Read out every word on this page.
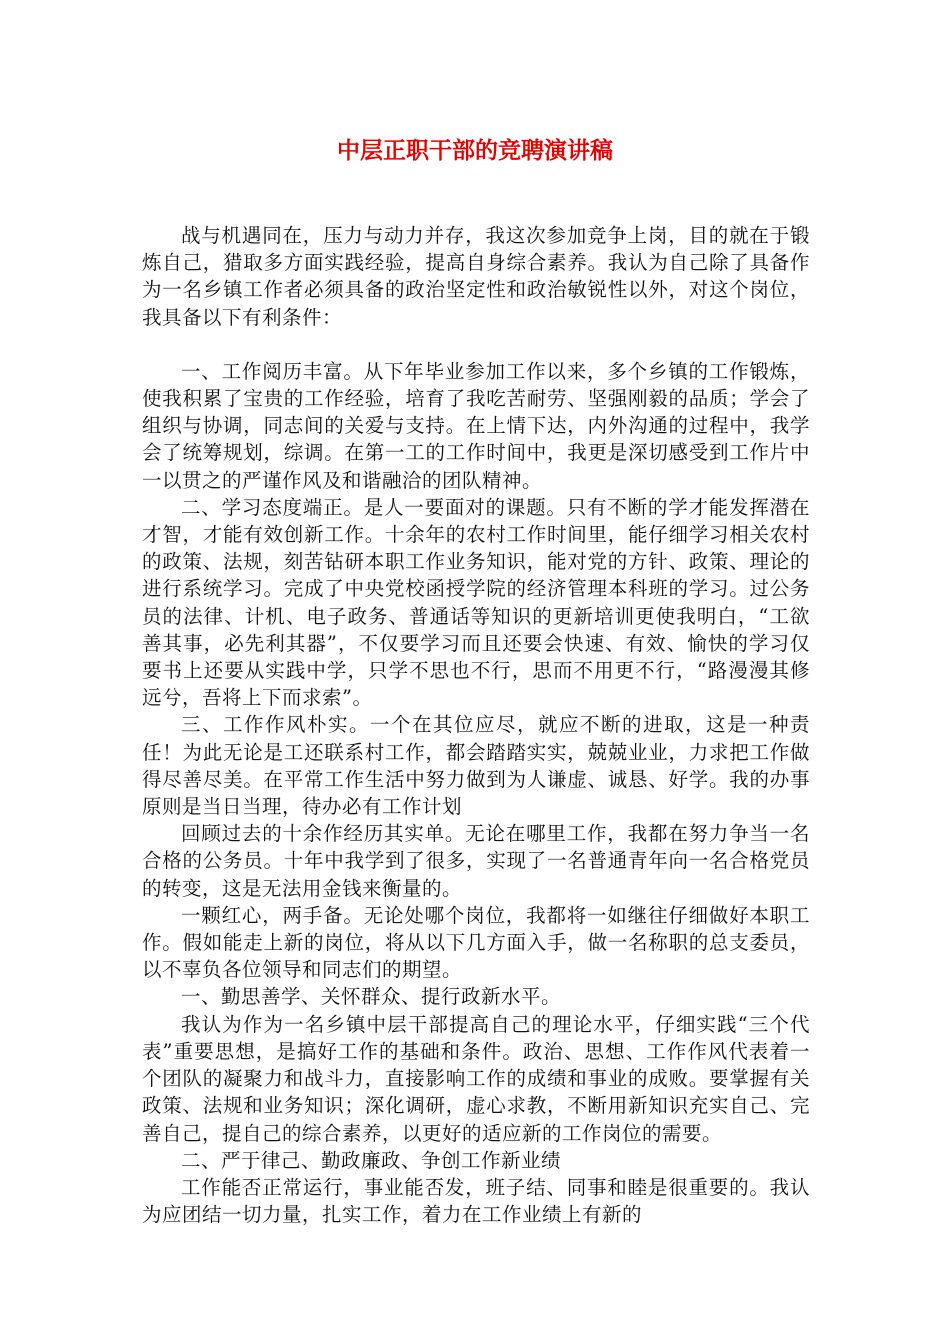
中层正职干部的竞聘演讲稿

战与机遇同在，压力与动力并存，我这次参加竞争上岗，目的就在于锻炼自己，猎取多方面实践经验，提高自身综合素养。我认为自己除了具备作为一名乡镇工作者必须具备的政治坚定性和政治敏锐性以外，对这个岗位，我具备以下有利条件：

一、工作阅历丰富。从下年毕业参加工作以来，多个乡镇的工作锻炼，使我积累了宝贵的工作经验，培育了我吃苦耐劳、坚强刚毅的品质；学会了组织与协调，同志间的关爱与支持。在上情下达，内外沟通的过程中，我学会了统筹规划，综调。在第一工的工作时间中，我更是深切感受到工作片中一以贯之的严谨作风及和谐融洽的团队精神。

二、学习态度端正。是人一要面对的课题。只有不断的学才能发挥潜在才智，才能有效创新工作。十余年的农村工作时间里，能仔细学习相关农村的政策、法规，刻苦钻研本职工作业务知识，能对党的方针、政策、理论的进行系统学习。完成了中央党校函授学院的经济管理本科班的学习。过公务员的法律、计机、电子政务、普通话等知识的更新培训更使我明白，“工欲善其事，必先利其器”，不仅要学习而且还要会快速、有效、愉快的学习仅要书上还要从实践中学，只学不思也不行，思而不用更不行，“路漫漫其修远兮，吾将上下而求索”。

三、工作作风朴实。一个在其位应尽，就应不断的进取，这是一种责任！为此无论是工还联系村工作，都会踏踏实实，兢兢业业，力求把工作做得尽善尽美。在平常工作生活中努力做到为人谦虚、诚恳、好学。我的办事原则是当日当理，待办必有工作计划

回顾过去的十余作经历其实单。无论在哪里工作，我都在努力争当一名合格的公务员。十年中我学到了很多，实现了一名普通青年向一名合格党员的转变，这是无法用金钱来衡量的。

一颗红心，两手备。无论处哪个岗位，我都将一如继往仔细做好本职工作。假如能走上新的岗位，将从以下几方面入手，做一名称职的总支委员，以不辜负各位领导和同志们的期望。

一、勤思善学、关怀群众、提行政新水平。

我认为作为一名乡镇中层干部提高自己的理论水平，仔细实践“三个代表”重要思想，是搞好工作的基础和条件。政治、思想、工作作风代表着一个团队的凝聚力和战斗力，直接影响工作的成绩和事业的成败。要掌握有关政策、法规和业务知识；深化调研，虚心求教，不断用新知识充实自己、完善自己，提自己的综合素养，以更好的适应新的工作岗位的需要。

二、严于律己、勤政廉政、争创工作新业绩

工作能否正常运行，事业能否发，班子结、同事和睦是很重要的。我认为应团结一切力量，扎实工作，着力在工作业绩上有新的
